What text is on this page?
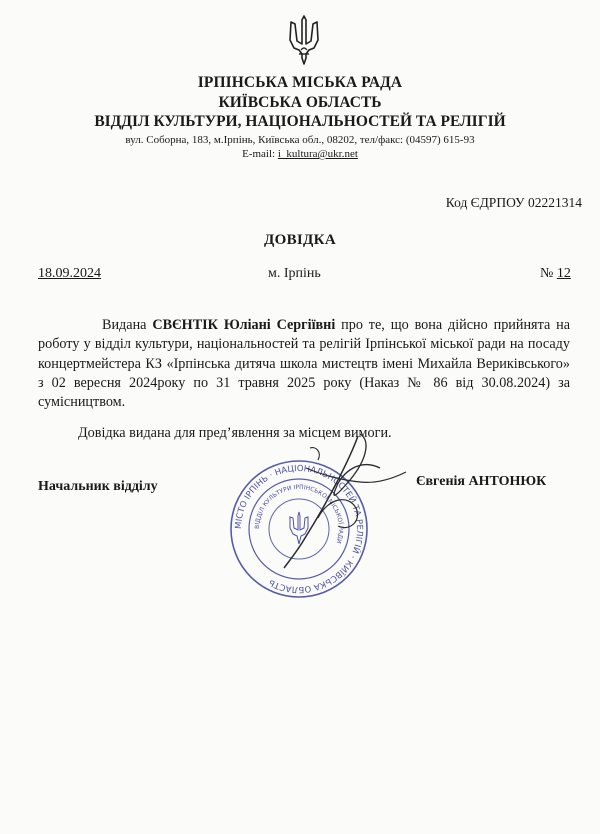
ІРПІНСЬКА МІСЬКА РАДА
КИЇВСЬКА ОБЛАСТЬ
ВІДДІЛ КУЛЬТУРИ, НАЦІОНАЛЬНОСТЕЙ ТА РЕЛІГІЙ
вул. Соборна, 183, м.Ірпінь, Київська обл., 08202, тел/факс: (04597) 615-93
E-mail: i_kultura@ukr.net
Код ЄДРПОУ 02221314
ДОВІДКА
18.09.2024	м. Ірпінь	№ 12
Видана СВЄНТІК Юліані Сергіївні про те, що вона дійсно прийнята на роботу у відділ культури, національностей та релігій Ірпінської міської ради на посаду концертмейстера КЗ «Ірпінська дитяча школа мистецтв імені Михайла Вериківського» з 02 вересня 2024року по 31 травня 2025 року (Наказ № 86 від 30.08.2024) за сумісництвом.
Довідка видана для пред’явлення за місцем вимоги.
МІСТО ІРПІНЬ · НАЦІОНАЛЬНОСТЕЙ ТА РЕЛІГІЙ · КИЇВСЬКА ОБЛАСТЬ
ВІДДІЛ КУЛЬТУРИ ІРПІНСЬКОЇ МІСЬКОЇ РАДИ
Начальник відділу	Євгенія АНТОНЮК
